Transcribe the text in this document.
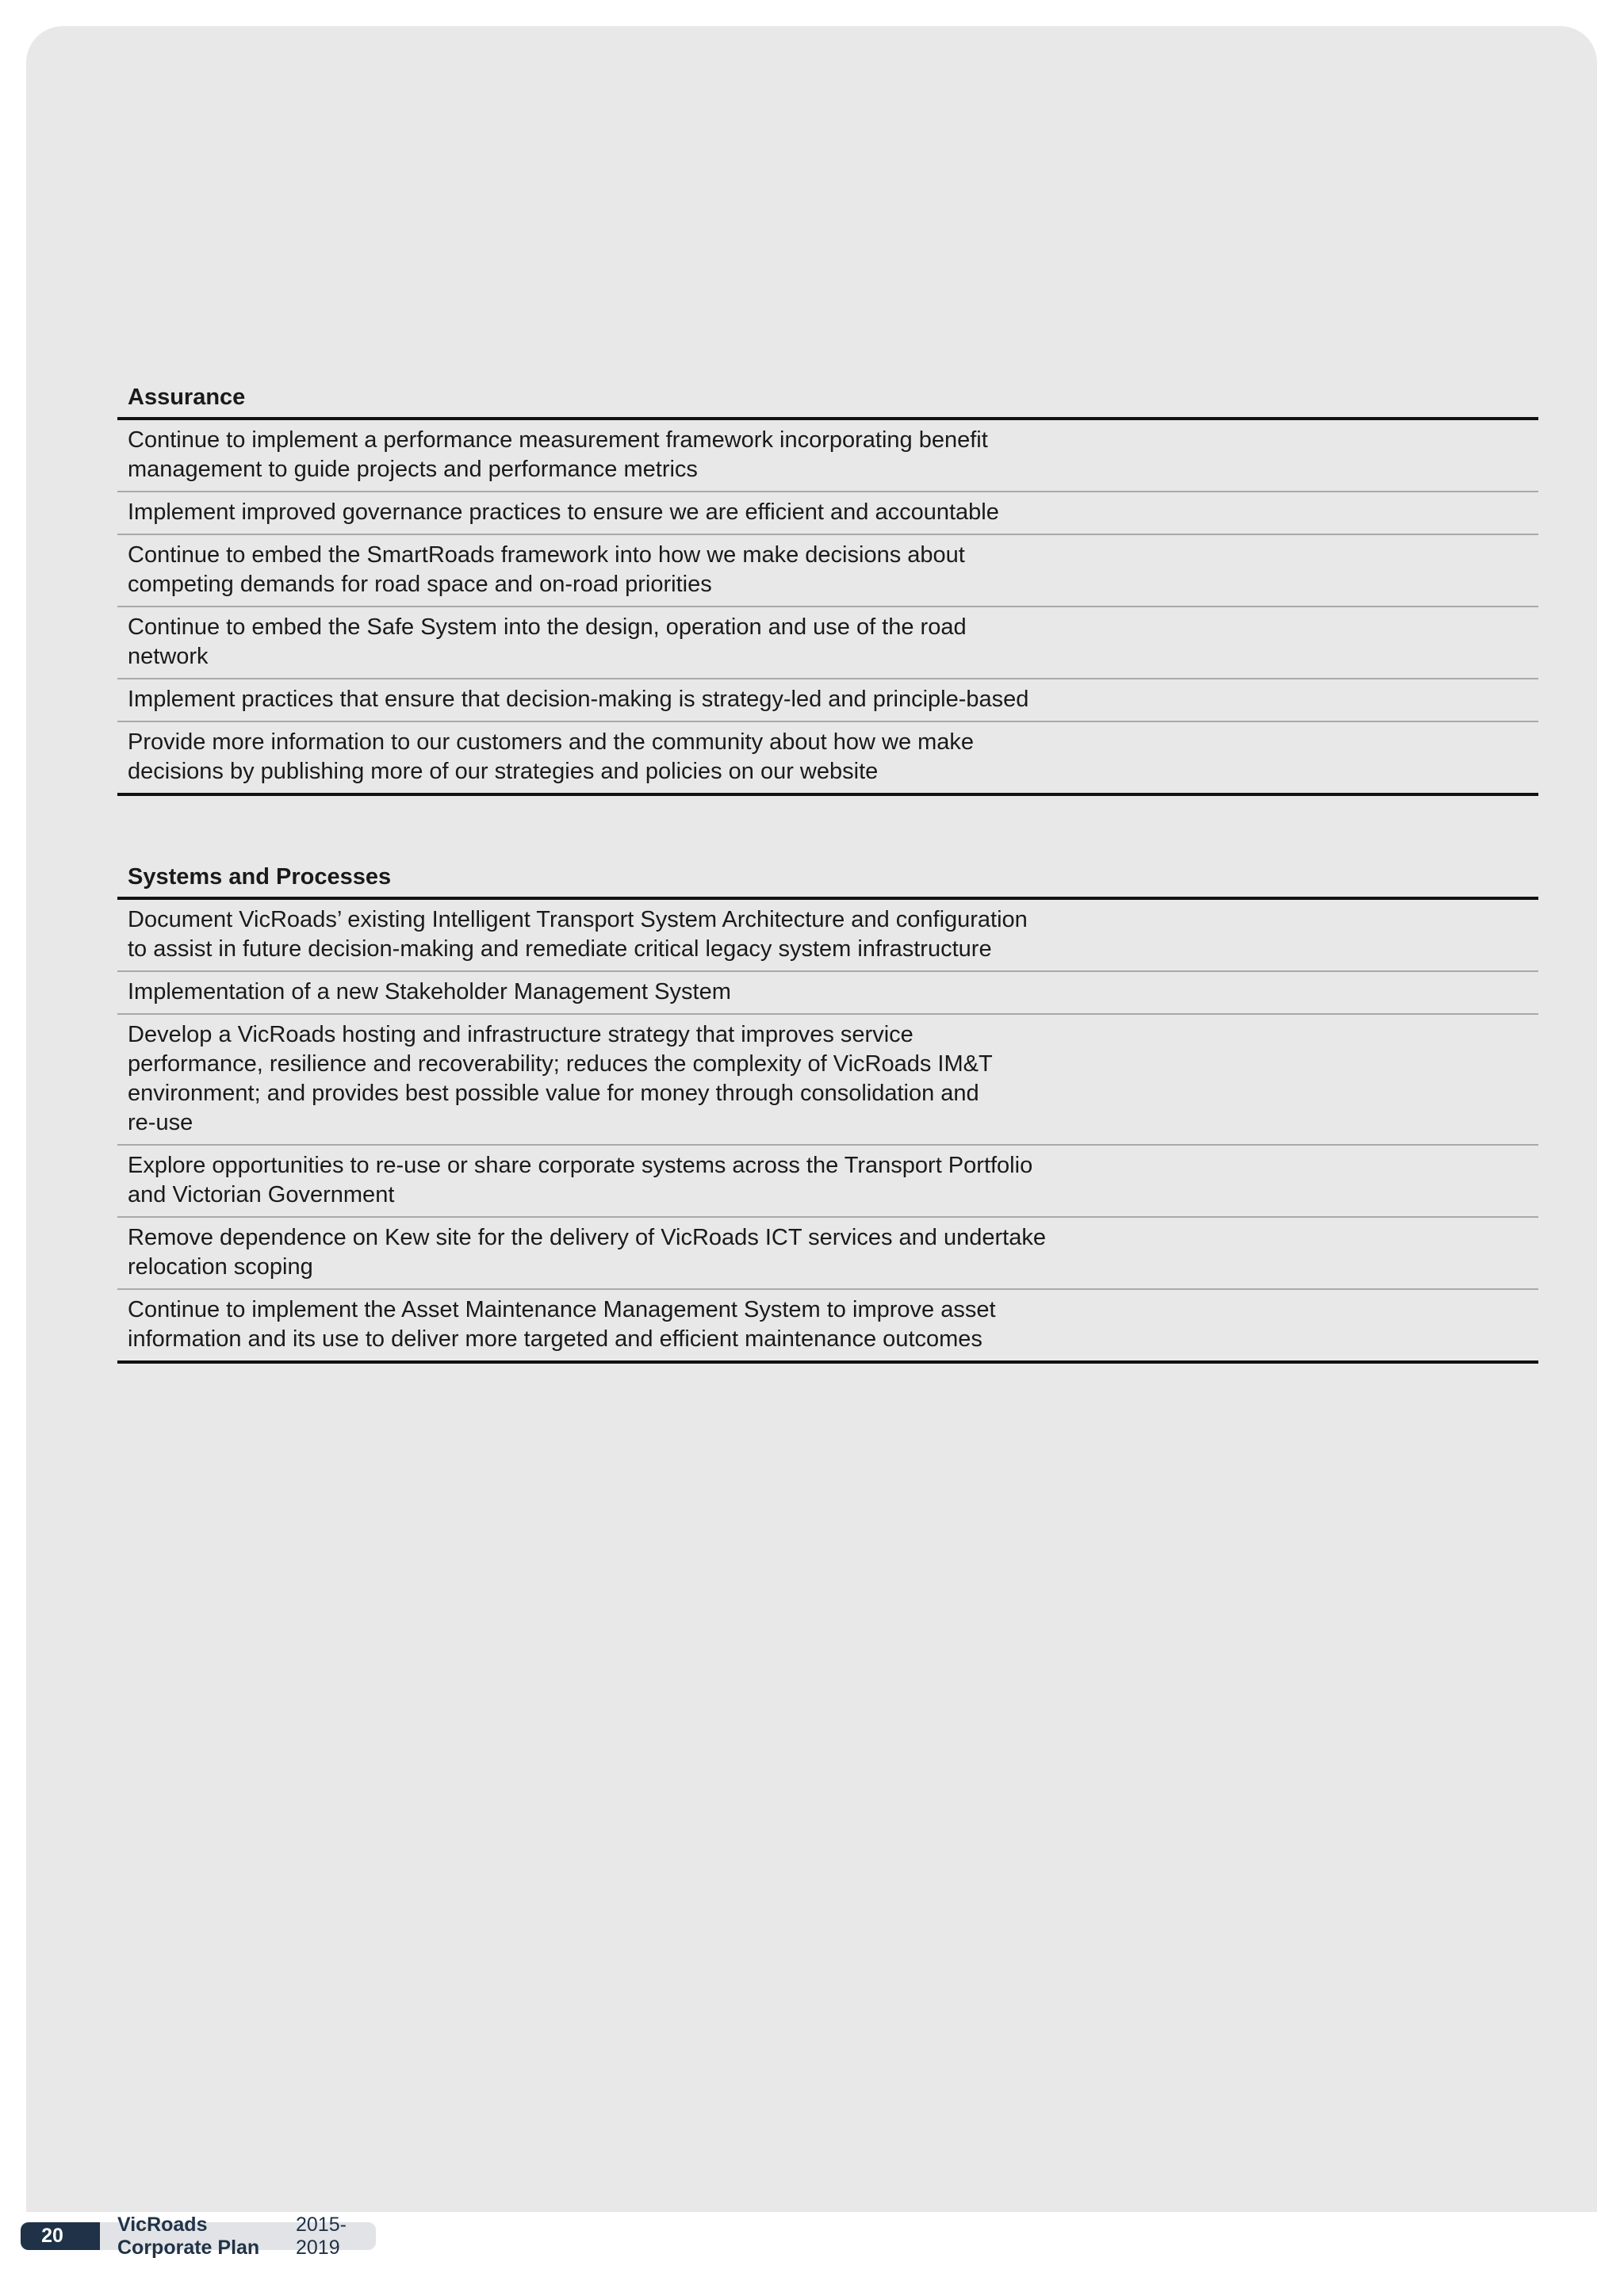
Assurance
Continue to implement a performance measurement framework incorporating benefit
management to guide projects and performance metrics
Implement improved governance practices to ensure we are efficient and accountable
Continue to embed the SmartRoads framework into how we make decisions about
competing demands for road space and on-road priorities
Continue to embed the Safe System into the design, operation and use of the road
network
Implement practices that ensure that decision-making is strategy-led and principle-based
Provide more information to our customers and the community about how we make
decisions by publishing more of our strategies and policies on our website
Systems and Processes
Document VicRoads’ existing Intelligent Transport System Architecture and configuration
to assist in future decision-making and remediate critical legacy system infrastructure
Implementation of a new Stakeholder Management System
Develop a VicRoads hosting and infrastructure strategy that improves service
performance, resilience and recoverability; reduces the complexity of VicRoads IM&T
environment; and provides best possible value for money through consolidation and
re-use
Explore opportunities to re-use or share corporate systems across the Transport Portfolio
and Victorian Government
Remove dependence on Kew site for the delivery of VicRoads ICT services and undertake
relocation scoping
Continue to implement the Asset Maintenance Management System to improve asset
information and its use to deliver more targeted and efficient maintenance outcomes
20
VicRoads Corporate Plan
2015-2019
